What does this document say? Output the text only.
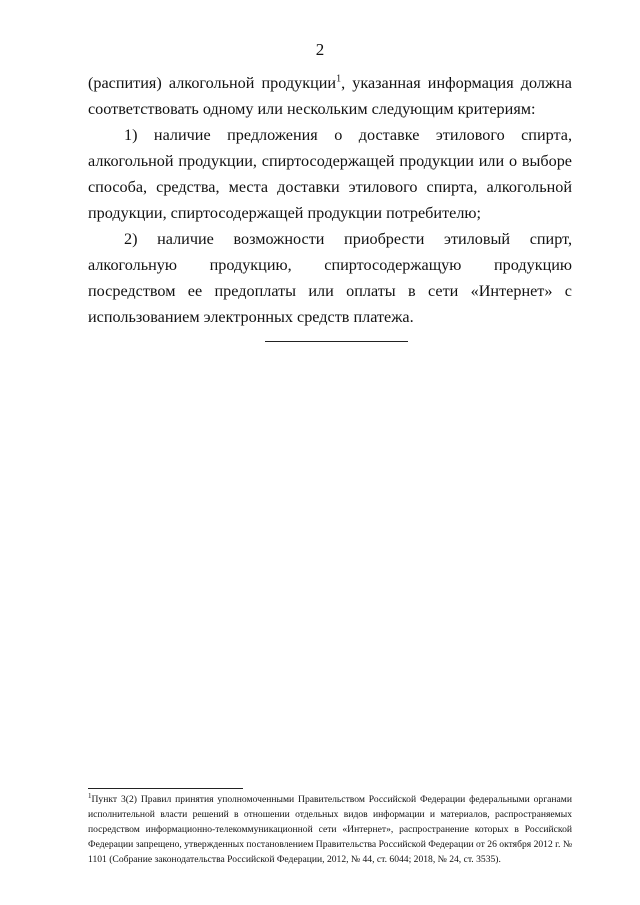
2

(распития) алкогольной продукции$^1$, указанная информация должна соответствовать одному или нескольким следующим критериям:

1) наличие предложения о доставке этилового спирта, алкогольной продукции, спиртосодержащей продукции или о выборе способа, средства, места доставки этилового спирта, алкогольной продукции, спиртосодержащей продукции потребителю;

2) наличие возможности приобрести этиловый спирт, алкогольную продукцию, спиртосодержащую продукцию посредством ее предоплаты или оплаты в сети «Интернет» с использованием электронных средств платежа.

$^1$Пункт 3(2) Правил принятия уполномоченными Правительством Российской Федерации федеральными органами исполнительной власти решений в отношении отдельных видов информации и материалов, распространяемых посредством информационно-телекоммуникационной сети «Интернет», распространение которых в Российской Федерации запрещено, утвержденных постановлением Правительства Российской Федерации от 26 октября 2012 г. № 1101 (Собрание законодательства Российской Федерации, 2012, № 44, ст. 6044; 2018, № 24, ст. 3535).
